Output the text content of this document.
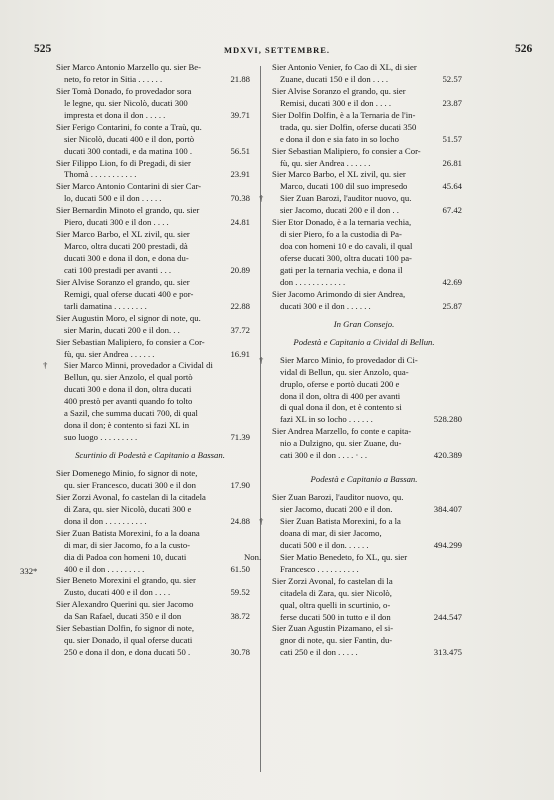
525	MDXVI, SETTEMBRE.	526
332*
Sier Marco Antonio Marzello qu. sier Be-
neto, fo retor in Sitia . . . . . .	21.88
Sier Tomà Donado, fo provedador sora
le legne, qu. sier Nicolò, ducati 300
impresta et dona il don . . . . .	39.71
Sier Ferigo Contarini, fo conte a Traù, qu.
sier Nicolò, ducati 400 e il don, portò
ducati 300 contadi, e da matina 100 .	56.51
Sier Filippo Lion, fo di Pregadi, di sier
Thomà . . . . . . . . . . .	23.91
Sier Marco Antonio Contarini di sier Car-
lo, ducati 500 e il don . . . . .	70.38
Sier Bernardin Minoto el grando, qu. sier
Piero, ducati 300 e il don . . . .	24.81
Sier Marco Barbo, el XL zivil, qu. sier
Marco, oltra ducati 200 prestadi, dà
ducati 300 e dona il don, e dona du-
cati 100 prestadi per avanti . . .	20.89
Sier Alvise Soranzo el grando, qu. sier
Remigi, qual oferse ducati 400 e por-
tarli damatina . . . . . . . .	22.88
Sier Augustin Moro, el signor di note, qu.
sier Marin, ducati 200 e il don. . .	37.72
Sier Sebastian Malipiero, fo consier a Cor-
fù, qu. sier Andrea . . . . . .	16.91
†	Sier Marco Minni, provedador a Cividal di
Bellun, qu. sier Anzolo, el qual portò
ducati 300 e dona il don, oltra ducati
400 prestò per avanti quando fo tolto
a Sazil, che summa ducati 700, di qual
dona il don; è contento si fazi XL in
suo luogo . . . . . . . . .	71.39
Scurtinio di Podestà e Capitanio a Bassan.
Sier Domenego Minio, fo signor di note,
qu. sier Francesco, ducati 300 e il don	17.90
Sier Zorzi Avonal, fo castelan di la citadela
di Zara, qu. sier Nicolò, ducati 300 e
dona il don . . . . . . . . . .	24.88
Sier Zuan Batista Morexini, fo a la doana
di mar, di sier Jacomo, fo a la custo-
dia di Padoa con homeni 10, ducati
400 e il don . . . . . . . . .	61.50
Sier Beneto Morexini el grando, qu. sier
Zusto, ducati 400 e il don . . . .	59.52
Sier Alexandro Querini qu. sier Jacomo
da San Rafael, ducati 350 e il don	38.72
Sier Sebastian Dolfin, fo signor di note,
qu. sier Donado, il qual oferse ducati
250 e dona il don, e dona ducati 50 .	30.78
Sier Antonio Venier, fo Cao di XL, di sier
Zuane, ducati 150 e il don . . . .	52.57
Sier Alvise Soranzo el grando, qu. sier
Remisi, ducati 300 e il don . . . .	23.87
Sier Dolfin Dolfin, è a la Ternaria de l'in-
trada, qu. sier Dolfin, oferse ducati 350
e dona il don e sia fato in so locho	51.57
Sier Sebastian Malipiero, fo consier a Cor-
fù, qu. sier Andrea . . . . . .	26.81
Sier Marco Barbo, el XL zivil, qu. sier
Marco, ducati 100 dil suo impresedo	45.64
†	Sier Zuan Barozi, l'auditor nuovo, qu.
sier Jacomo, ducati 200 e il don . .	67.42
Sier Etor Donado, è a la ternaria vechia,
di sier Piero, fo a la custodia di Pa-
doa con homeni 10 e do cavali, il qual
oferse ducati 300, oltra ducati 100 pa-
gati per la ternaria vechia, e dona il
don . . . . . . . . . . . .	42.69
Sier Jacomo Arimondo di sier Andrea,
ducati 300 e il don . . . . . .	25.87
In Gran Consejo.
Podestà e Capitanio a Cividal di Bellun.
†	Sier Marco Minio, fo provedador di Ci-
vidal di Bellun, qu. sier Anzolo, qua-
druplo, oferse e portò ducati 200 e
dona il don, oltra di 400 per avanti
di qual dona il don, et è contento si
fazi XL in so locho . . . . . .	528.280
Sier Andrea Marzello, fo conte e capita-
nio a Dulzigno, qu. sier Zuane, du-
cati 300 e il don . . . . · . .	420.389
Podestà e Capitanio a Bassan.
Sier Zuan Barozi, l'auditor nuovo, qu.
sier Jacomo, ducati 200 e il don.	384.407
†	Sier Zuan Batista Morexini, fo a la
doana di mar, di sier Jacomo,
ducati 500 e il don. . . . . .	494.299
Non.	Sier Matio Benedeto, fo XL, qu. sier
Francesco . . . . . . . . . .
Sier Zorzi Avonal, fo castelan di la
citadela di Zara, qu. sier Nicolò,
qual, oltra quelli in scurtinio, o-
ferse ducati 500 in tutto e il don	244.547
Sier Zuan Agustin Pizamano, el si-
gnor di note, qu. sier Fantin, du-
cati 250 e il don . . . . .	313.475
